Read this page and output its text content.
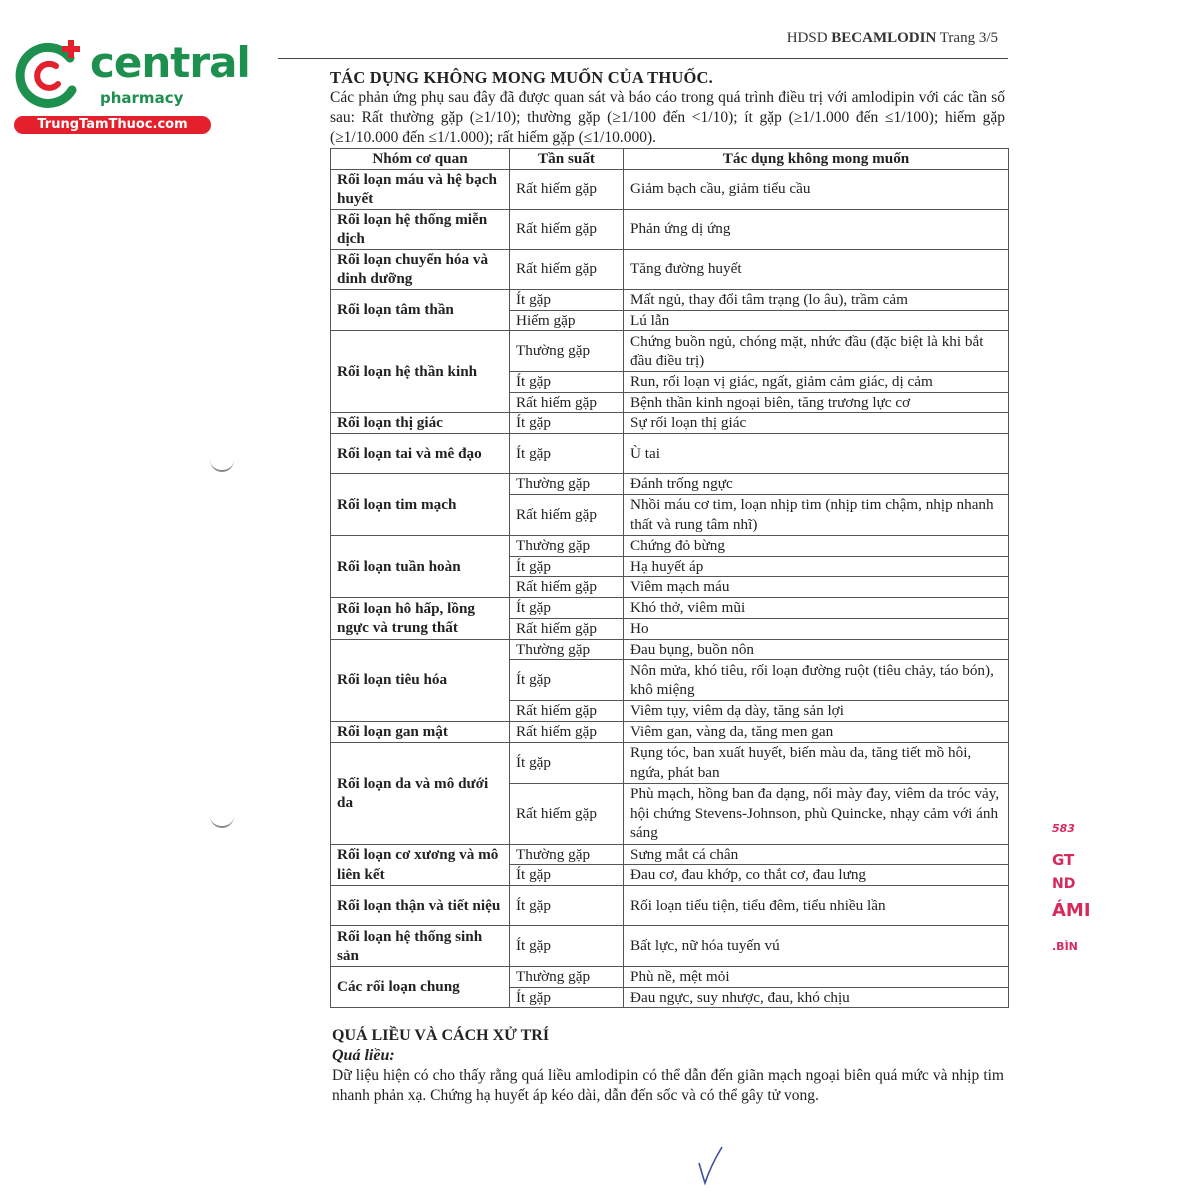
central
pharmacy
TrungTamThuoc.com
HDSD BECAMLODIN Trang 3/5
TÁC DỤNG KHÔNG MONG MUỐN CỦA THUỐC.
Các phản ứng phụ sau đây đã được quan sát và báo cáo trong quá trình điều trị với amlodipin với các tần số sau: Rất thường gặp (≥1/10); thường gặp (≥1/100 đến <1/10); ít gặp (≥1/1.000 đến ≤1/100); hiếm gặp (≥1/10.000 đến ≤1/1.000); rất hiếm gặp (≤1/10.000).
Nhóm cơ quan	Tần suất	Tác dụng không mong muốn
Rối loạn máu và hệ bạch huyết	Rất hiếm gặp	Giảm bạch cầu, giảm tiểu cầu
Rối loạn hệ thống miễn dịch	Rất hiếm gặp	Phản ứng dị ứng
Rối loạn chuyển hóa và dinh dưỡng	Rất hiếm gặp	Tăng đường huyết
Rối loạn tâm thần	Ít gặp	Mất ngủ, thay đổi tâm trạng (lo âu), trầm cảm
	Hiếm gặp	Lú lẫn
Rối loạn hệ thần kinh	Thường gặp	Chứng buồn ngủ, chóng mặt, nhức đầu (đặc biệt là khi bắt đầu điều trị)
	Ít gặp	Run, rối loạn vị giác, ngất, giảm cảm giác, dị cảm
	Rất hiếm gặp	Bệnh thần kinh ngoại biên, tăng trương lực cơ
Rối loạn thị giác	Ít gặp	Sự rối loạn thị giác
Rối loạn tai và mê đạo	Ít gặp	Ù tai
Rối loạn tim mạch	Thường gặp	Đánh trống ngực
	Rất hiếm gặp	Nhồi máu cơ tim, loạn nhịp tim (nhịp tim chậm, nhịp nhanh thất và rung tâm nhĩ)
Rối loạn tuần hoàn	Thường gặp	Chứng đỏ bừng
	Ít gặp	Hạ huyết áp
	Rất hiếm gặp	Viêm mạch máu
Rối loạn hô hấp, lồng ngực và trung thất	Ít gặp	Khó thở, viêm mũi
	Rất hiếm gặp	Ho
Rối loạn tiêu hóa	Thường gặp	Đau bụng, buồn nôn
	Ít gặp	Nôn mửa, khó tiêu, rối loạn đường ruột (tiêu chảy, táo bón), khô miệng
	Rất hiếm gặp	Viêm tụy, viêm dạ dày, tăng sản lợi
Rối loạn gan mật	Rất hiếm gặp	Viêm gan, vàng da, tăng men gan
Rối loạn da và mô dưới da	Ít gặp	Rụng tóc, ban xuất huyết, biến màu da, tăng tiết mồ hôi, ngứa, phát ban
	Rất hiếm gặp	Phù mạch, hồng ban đa dạng, nổi mày đay, viêm da tróc vảy, hội chứng Stevens-Johnson, phù Quincke, nhạy cảm với ánh sáng
Rối loạn cơ xương và mô liên kết	Thường gặp	Sưng mắt cá chân
	Ít gặp	Đau cơ, đau khớp, co thắt cơ, đau lưng
Rối loạn thận và tiết niệu	Ít gặp	Rối loạn tiểu tiện, tiểu đêm, tiểu nhiều lần
Rối loạn hệ thống sinh sản	Ít gặp	Bất lực, nữ hóa tuyến vú
Các rối loạn chung	Thường gặp	Phù nề, mệt mỏi
	Ít gặp	Đau ngực, suy nhược, đau, khó chịu
QUÁ LIỀU VÀ CÁCH XỬ TRÍ
Quá liều:
Dữ liệu hiện có cho thấy rằng quá liều amlodipin có thể dẫn đến giãn mạch ngoại biên quá mức và nhịp tim nhanh phản xạ. Chứng hạ huyết áp kéo dài, dẫn đến sốc và có thể gây tử vong.
583
GT
ND
ÁMI
.BÌN
